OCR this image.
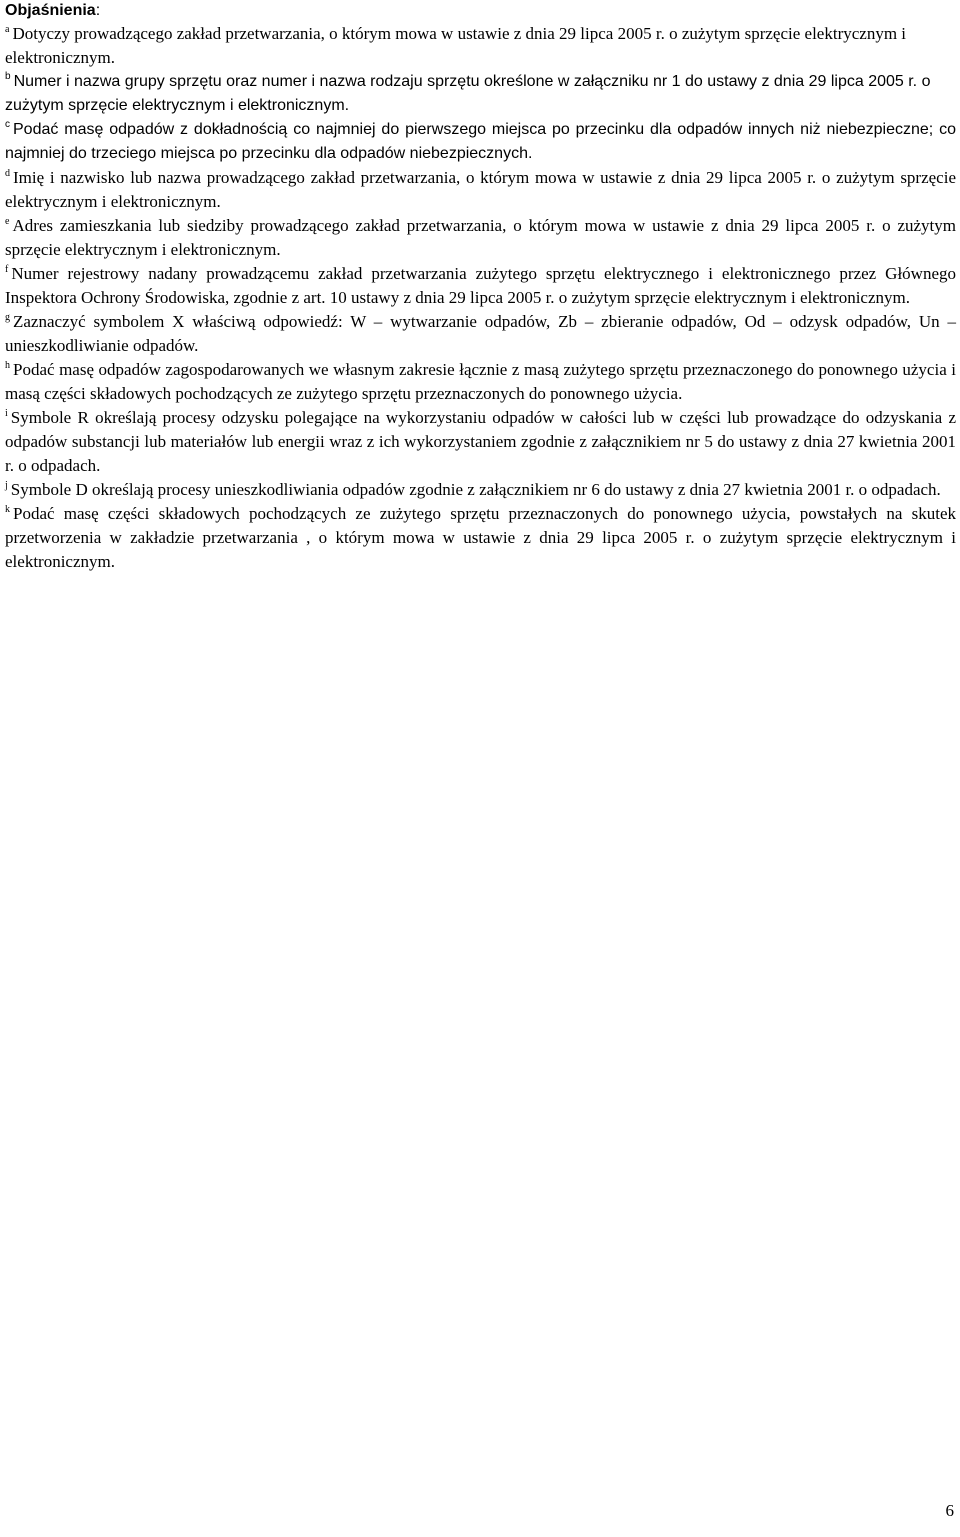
Objaśnienia:

$^a$ Dotyczy prowadzącego zakład przetwarzania, o którym mowa w ustawie z dnia 29 lipca 2005 r. o zużytym sprzęcie elektrycznym i elektronicznym.

$^b$ Numer i nazwa grupy sprzętu oraz numer i nazwa rodzaju sprzętu określone w załączniku nr 1 do ustawy z dnia 29 lipca 2005 r. o zużytym sprzęcie elektrycznym i elektronicznym.

$^c$ Podać masę odpadów z dokładnością co najmniej do pierwszego miejsca po przecinku dla odpadów innych niż niebezpieczne; co najmniej do trzeciego miejsca po przecinku dla odpadów niebezpiecznych.

$^d$ Imię i nazwisko lub nazwa prowadzącego zakład przetwarzania, o którym mowa w ustawie z dnia 29 lipca 2005 r. o zużytym sprzęcie elektrycznym i elektronicznym.

$^e$ Adres zamieszkania lub siedziby prowadzącego zakład przetwarzania, o którym mowa w ustawie z dnia 29 lipca 2005 r. o zużytym sprzęcie elektrycznym i elektronicznym.

$^f$ Numer rejestrowy nadany prowadzącemu zakład przetwarzania zużytego sprzętu elektrycznego i elektronicznego przez Głównego Inspektora Ochrony Środowiska, zgodnie z art. 10 ustawy z dnia 29 lipca 2005 r. o zużytym sprzęcie elektrycznym i elektronicznym.

$^g$ Zaznaczyć symbolem X właściwą odpowiedź: W – wytwarzanie odpadów, Zb – zbieranie odpadów, Od – odzysk odpadów, Un – unieszkodliwianie odpadów.

$^h$ Podać masę odpadów zagospodarowanych we własnym zakresie łącznie z masą zużytego sprzętu przeznaczonego do ponownego użycia i masą części składowych pochodzących ze zużytego sprzętu przeznaczonych do ponownego użycia.

$^i$ Symbole R określają procesy odzysku polegające na wykorzystaniu odpadów w całości lub w części lub prowadzące do odzyskania z odpadów substancji lub materiałów lub energii wraz z ich wykorzystaniem zgodnie z załącznikiem nr 5 do ustawy z dnia 27 kwietnia 2001 r. o odpadach.

$^j$ Symbole D określają procesy unieszkodliwiania odpadów zgodnie z załącznikiem nr 6 do ustawy z dnia 27 kwietnia 2001 r. o odpadach.

$^k$ Podać masę części składowych pochodzących ze zużytego sprzętu przeznaczonych do ponownego użycia, powstałych na skutek przetworzenia w zakładzie przetwarzania , o którym mowa w ustawie z dnia 29 lipca 2005 r. o zużytym sprzęcie elektrycznym i elektronicznym.

6
